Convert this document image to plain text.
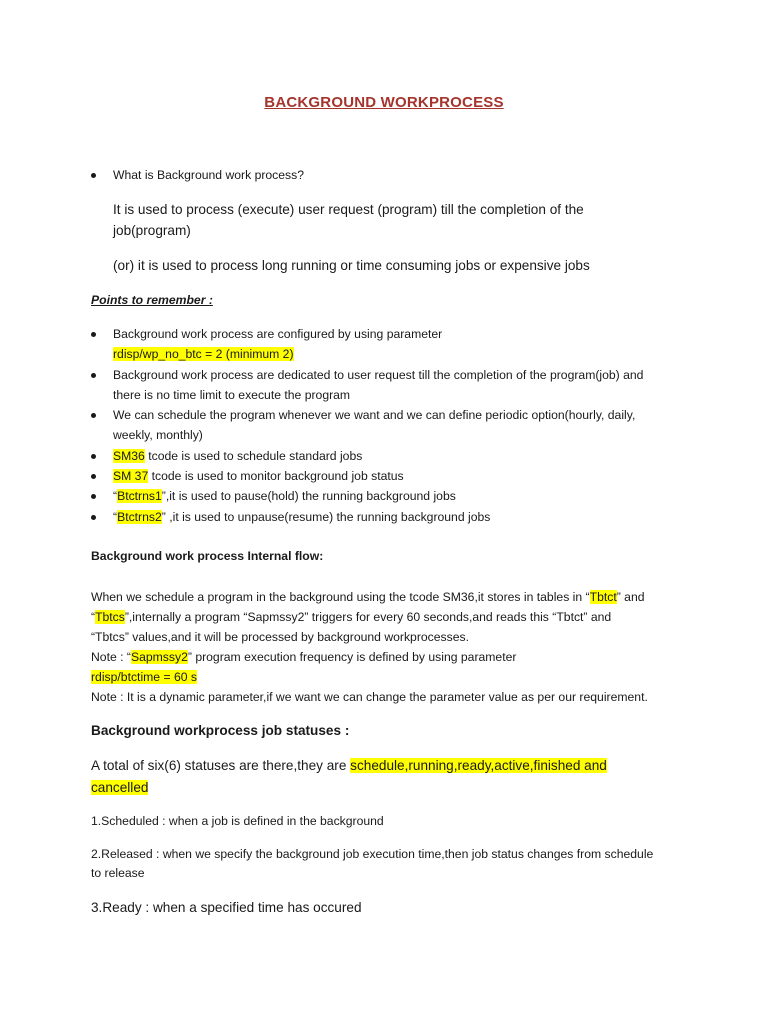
BACKGROUND WORKPROCESS
What is Background work process?
It is used to process (execute) user request (program) till the completion of the
job(program)
(or) it is used to process long running or time consuming jobs or expensive jobs
Points to remember :
Background work process are configured by using parameter
rdisp/wp_no_btc = 2 (minimum 2)
Background work process are dedicated to user request till the completion of the program(job) and
there is no time limit to execute the program
We can schedule the program whenever we want and we can define periodic option(hourly, daily,
weekly, monthly)
SM36 tcode is used to schedule standard jobs
SM 37 tcode is used to monitor background job status
“Btctrns1”,it is used to pause(hold) the running background jobs
“Btctrns2” ,it is used to unpause(resume) the running background jobs
Background work process Internal flow:
When we schedule a program in the background using the tcode SM36,it stores in tables in “Tbtct” and
“Tbtcs”,internally a program “Sapmssy2” triggers for every 60 seconds,and reads this “Tbtct” and
“Tbtcs” values,and it will be processed by background workprocesses.
Note : “Sapmssy2” program execution frequency is defined by using parameter
rdisp/btctime = 60 s
Note : It is a dynamic parameter,if we want we can change the parameter value as per our requirement.
Background workprocess job statuses :
A total of six(6) statuses are there,they are schedule,running,ready,active,finished and
cancelled
1.Scheduled : when a job is defined in the background
2.Released : when we specify the background job execution time,then job status changes from schedule
to release
3.Ready : when a specified time has occured
